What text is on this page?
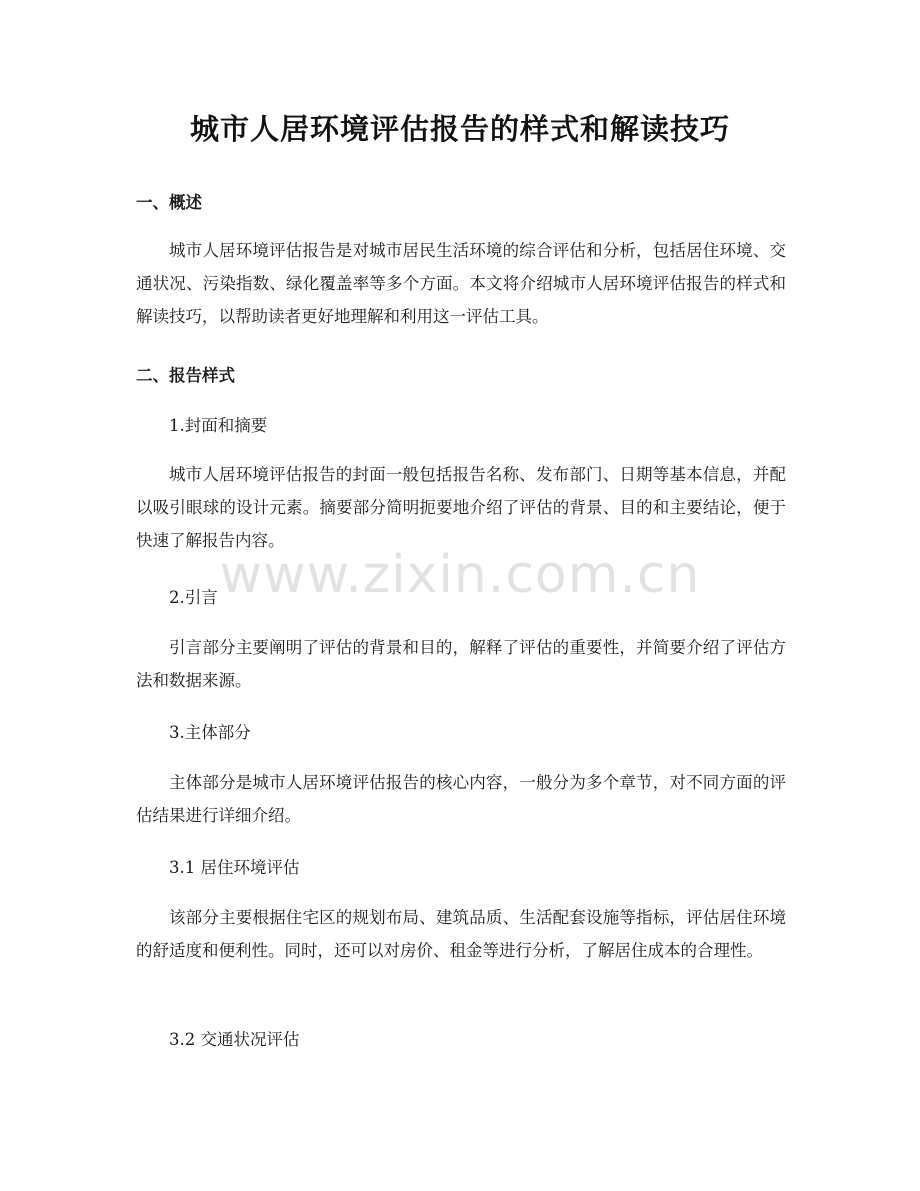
城市人居环境评估报告的样式和解读技巧
一、概述
城市人居环境评估报告是对城市居民生活环境的综合评估和分析，包括居住环境、交通状况、污染指数、绿化覆盖率等多个方面。本文将介绍城市人居环境评估报告的样式和解读技巧，以帮助读者更好地理解和利用这一评估工具。
二、报告样式
1.封面和摘要
城市人居环境评估报告的封面一般包括报告名称、发布部门、日期等基本信息，并配以吸引眼球的设计元素。摘要部分简明扼要地介绍了评估的背景、目的和主要结论，便于快速了解报告内容。
2.引言
引言部分主要阐明了评估的背景和目的，解释了评估的重要性，并简要介绍了评估方法和数据来源。
3.主体部分
主体部分是城市人居环境评估报告的核心内容，一般分为多个章节，对不同方面的评估结果进行详细介绍。
3.1 居住环境评估
该部分主要根据住宅区的规划布局、建筑品质、生活配套设施等指标，评估居住环境的舒适度和便利性。同时，还可以对房价、租金等进行分析，了解居住成本的合理性。
3.2 交通状况评估
www.zixin.com.cn
